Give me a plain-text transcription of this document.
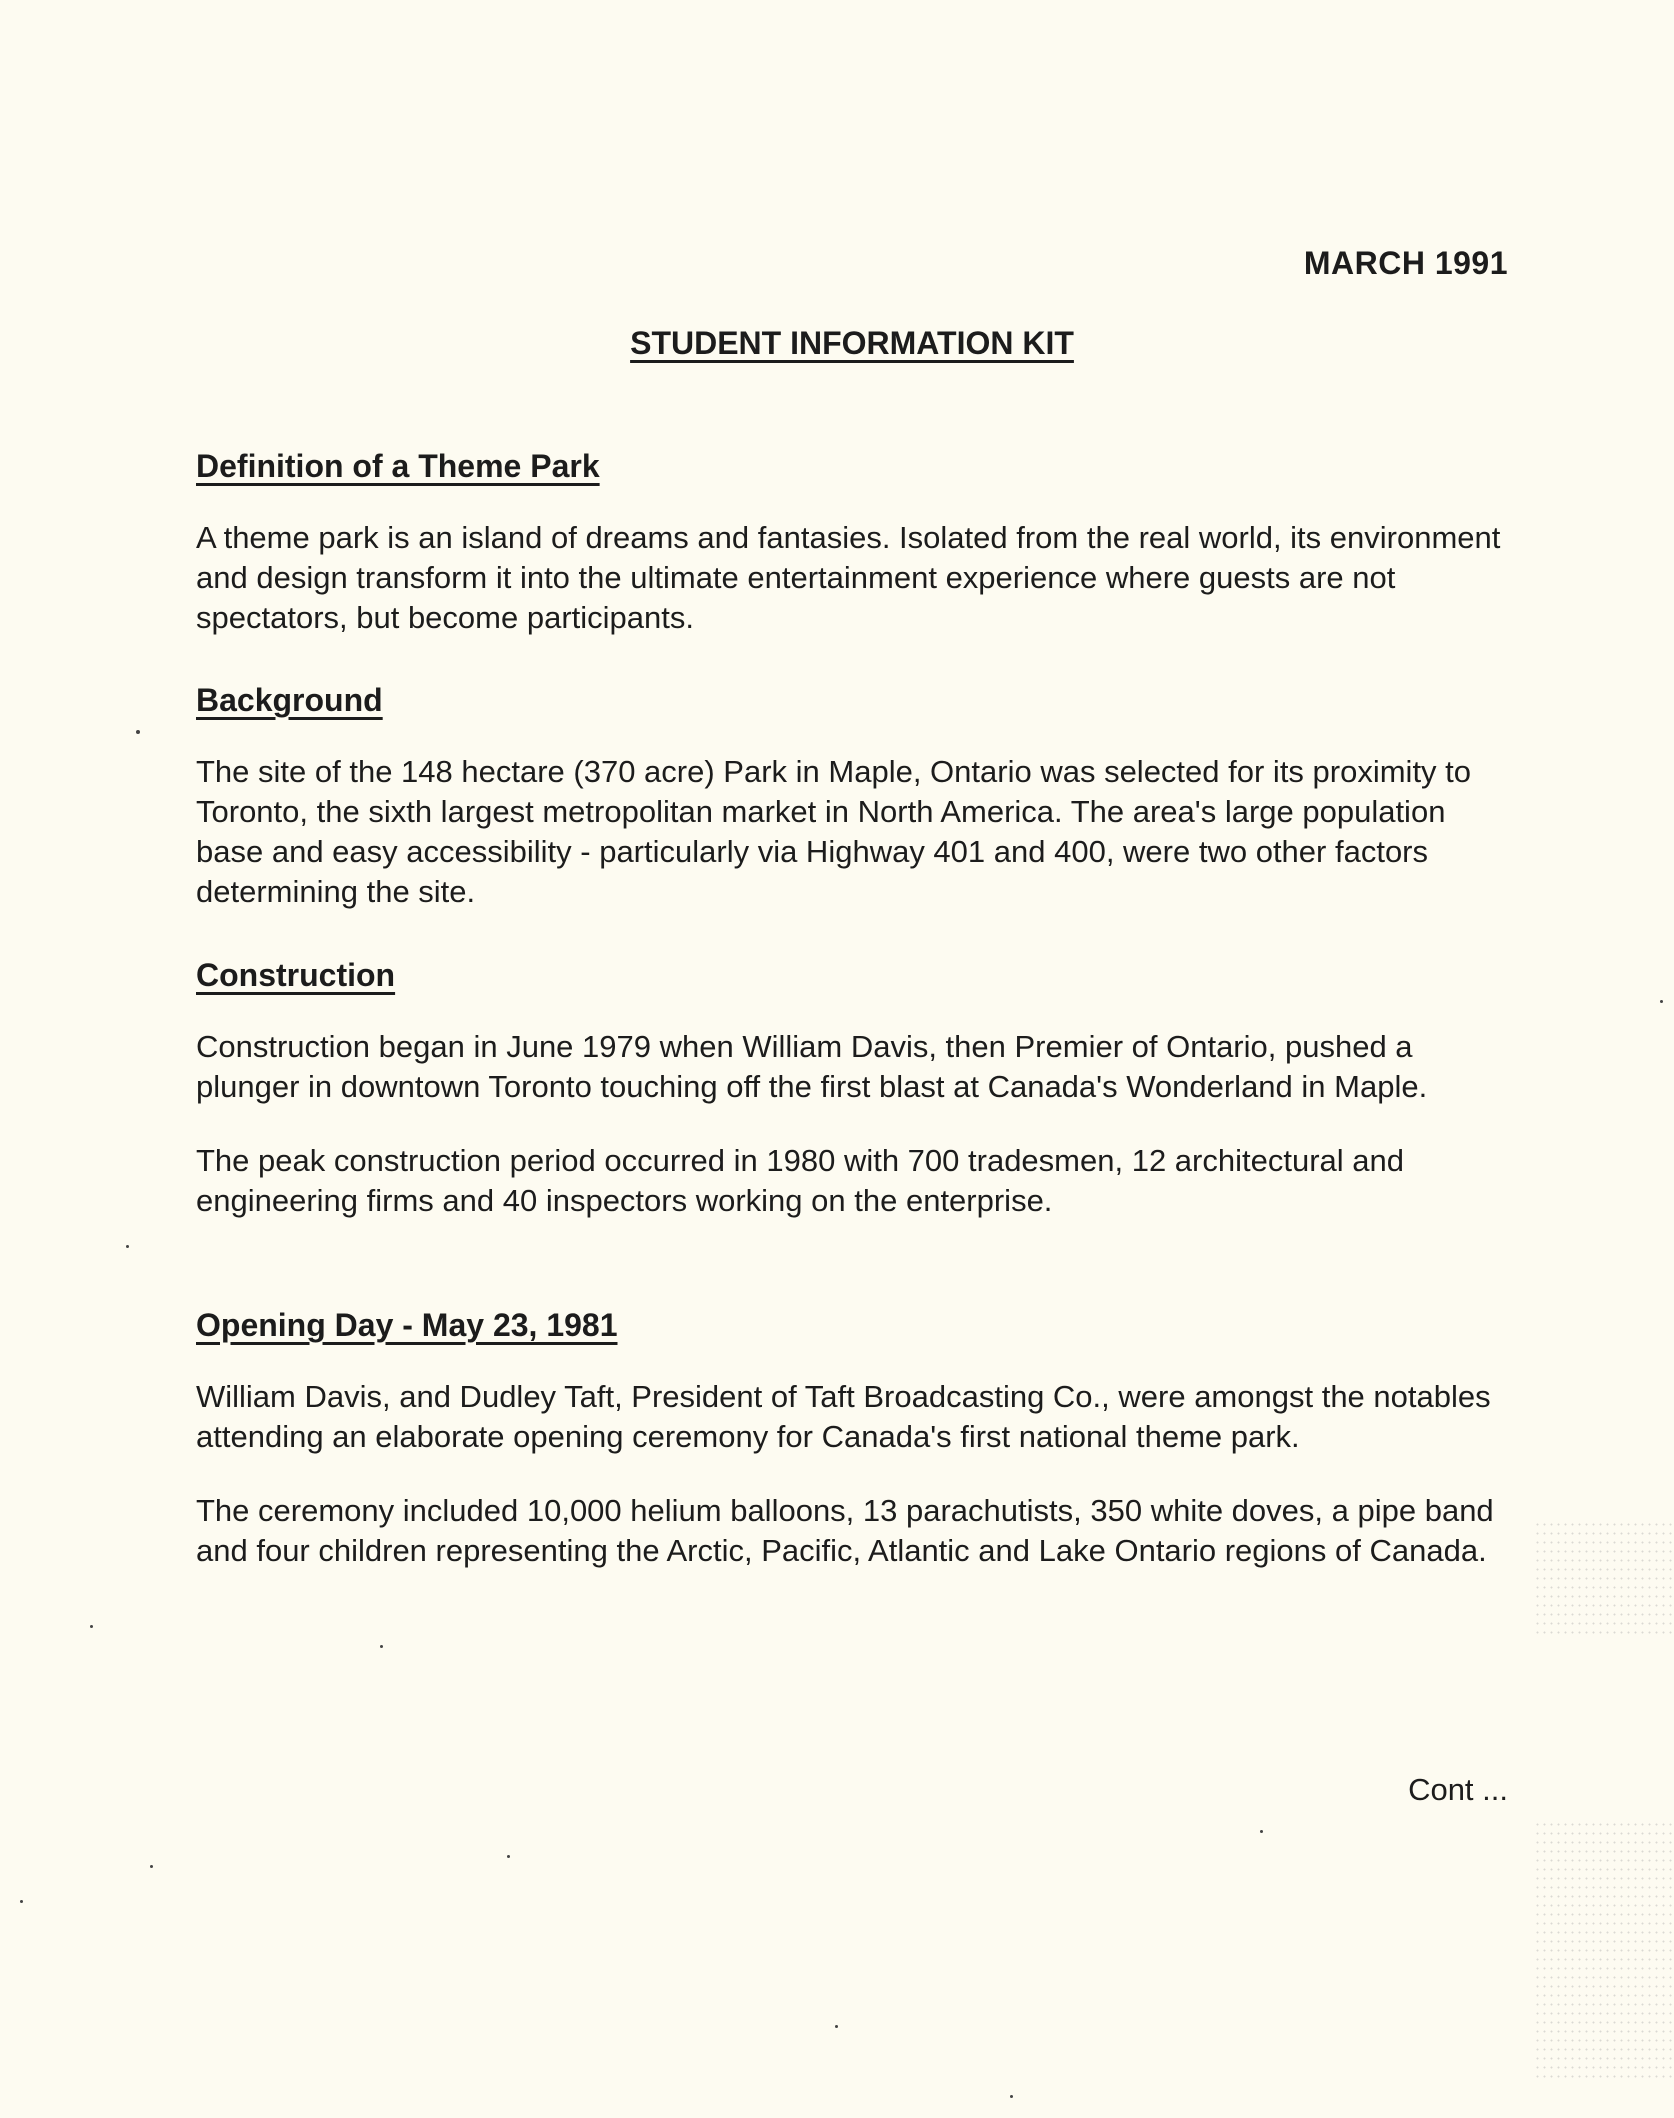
MARCH 1991
STUDENT INFORMATION KIT

Definition of a Theme Park

A theme park is an island of dreams and fantasies. Isolated from the real world, its environment and design transform it into the ultimate entertainment experience where guests are not spectators, but become participants.

Background

The site of the 148 hectare (370 acre) Park in Maple, Ontario was selected for its proximity to Toronto, the sixth largest metropolitan market in North America. The area's large population base and easy accessibility - particularly via Highway 401 and 400, were two other factors determining the site.

Construction

Construction began in June 1979 when William Davis, then Premier of Ontario, pushed a plunger in downtown Toronto touching off the first blast at Canada's Wonderland in Maple.

The peak construction period occurred in 1980 with 700 tradesmen, 12 architectural and engineering firms and 40 inspectors working on the enterprise.

Opening Day - May 23, 1981

William Davis, and Dudley Taft, President of Taft Broadcasting Co., were amongst the notables attending an elaborate opening ceremony for Canada's first national theme park.

The ceremony included 10,000 helium balloons, 13 parachutists, 350 white doves, a pipe band and four children representing the Arctic, Pacific, Atlantic and Lake Ontario regions of Canada.

Cont ...
